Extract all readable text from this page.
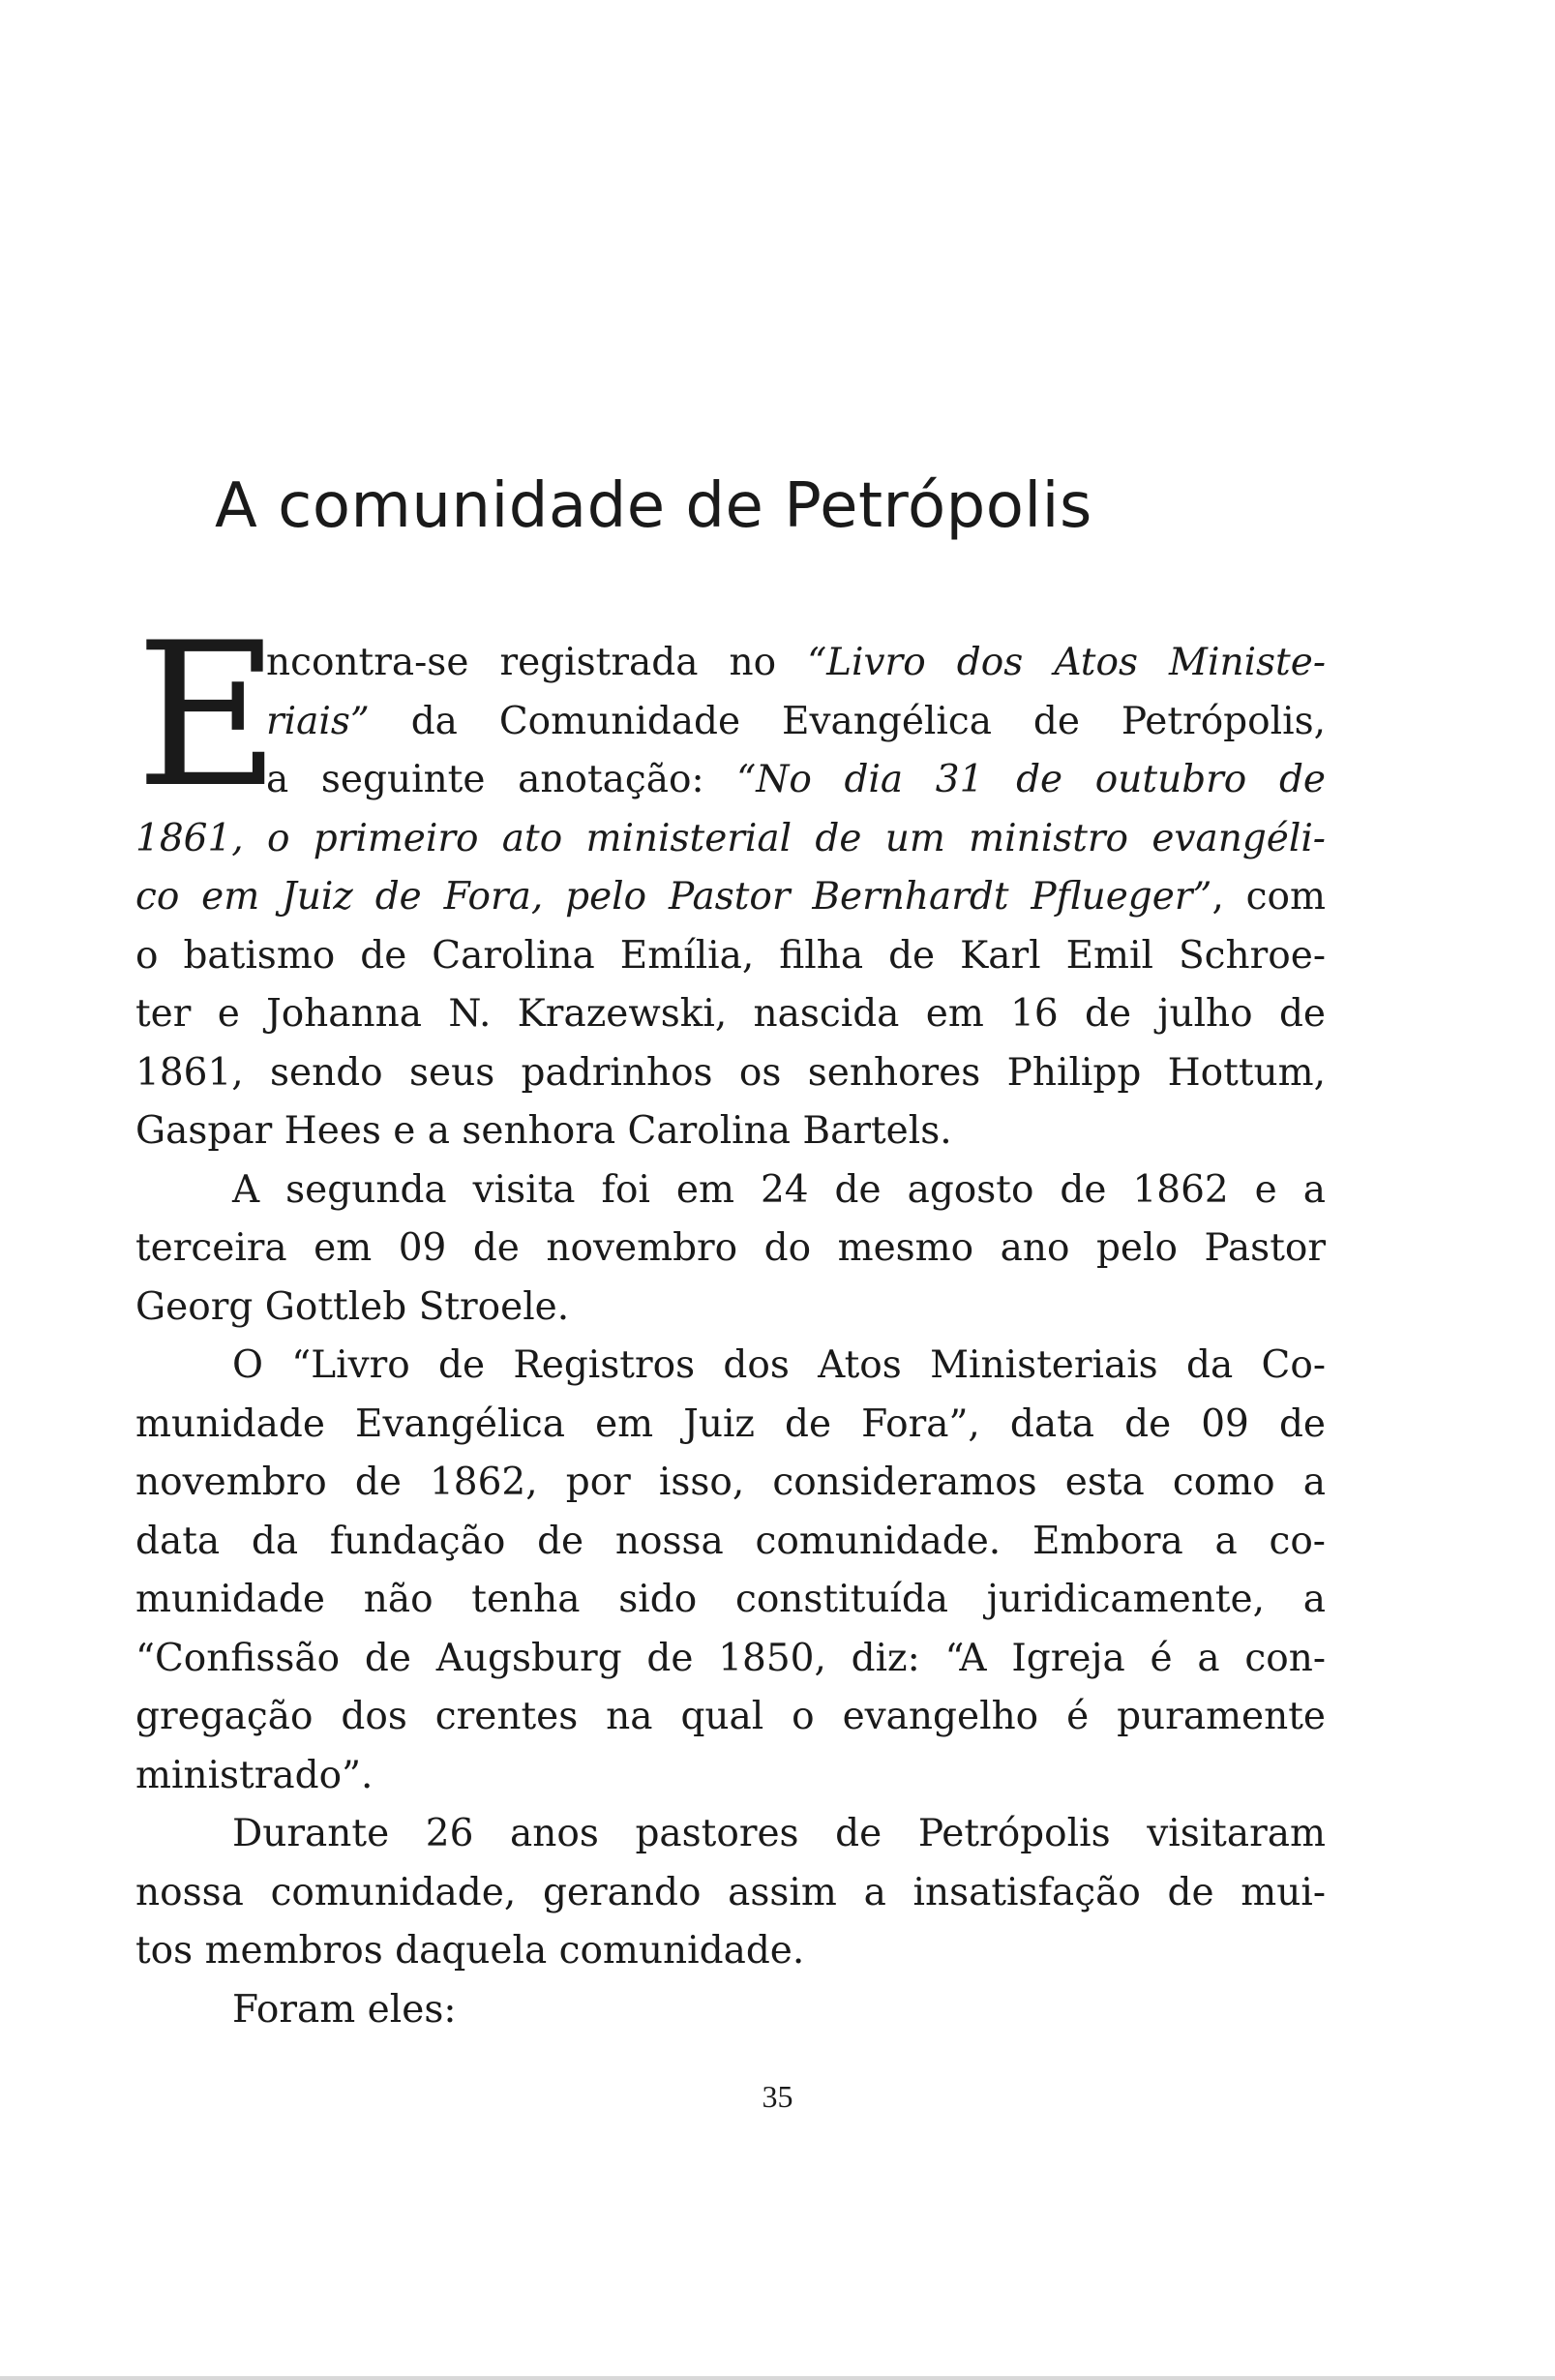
A comunidade de Petrópolis
E
ncontra-se registrada no “Livro dos Atos Ministe-
riais” da Comunidade Evangélica de Petrópolis,
a seguinte anotação: “No dia 31 de outubro de
1861, o primeiro ato ministerial de um ministro evangéli-
co em Juiz de Fora, pelo Pastor Bernhardt Pflueger”, com
o batismo de Carolina Emília, filha de Karl Emil Schroe-
ter e Johanna N. Krazewski, nascida em 16 de julho de
1861, sendo seus padrinhos os senhores Philipp Hottum,
Gaspar Hees e a senhora Carolina Bartels.
A segunda visita foi em 24 de agosto de 1862 e a
terceira em 09 de novembro do mesmo ano pelo Pastor
Georg Gottleb Stroele.
O “Livro de Registros dos Atos Ministeriais da Co-
munidade Evangélica em Juiz de Fora”, data de 09 de
novembro de 1862, por isso, consideramos esta como a
data da fundação de nossa comunidade. Embora a co-
munidade não tenha sido constituída juridicamente, a
“Confissão de Augsburg de 1850, diz: “A Igreja é a con-
gregação dos crentes na qual o evangelho é puramente
ministrado”.
Durante 26 anos pastores de Petrópolis visitaram
nossa comunidade, gerando assim a insatisfação de mui-
tos membros daquela comunidade.
Foram eles:
35
